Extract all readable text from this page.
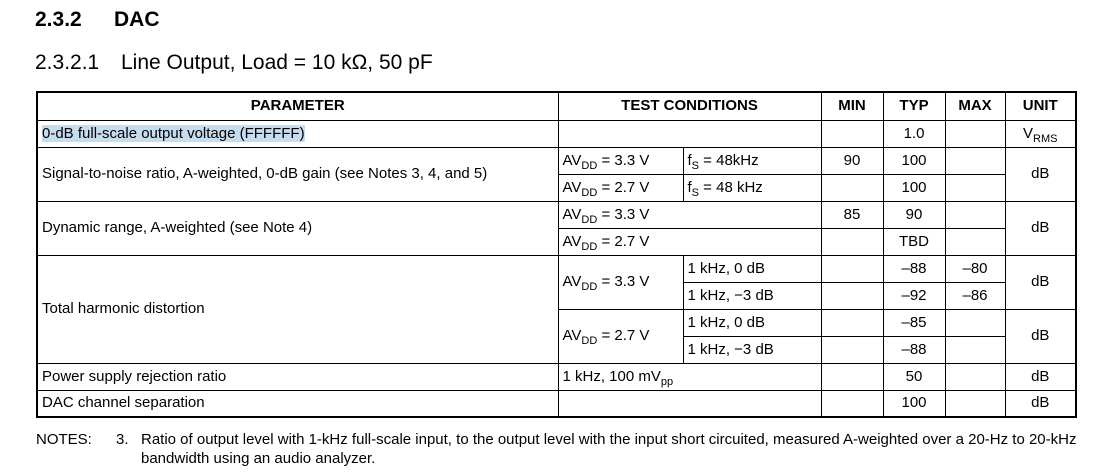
2.3.2 DAC
2.3.2.1 Line Output, Load = 10 kΩ, 50 pF
PARAMETER	TEST CONDITIONS		MIN	TYP	MAX	UNIT
0-dB full-scale output voltage (FFFFFF)				1.0		$V_{RMS}$
Signal-to-noise ratio, A-weighted, 0-dB gain (see Notes 3, 4, and 5)	$AV_{DD} = 3.3$ V	$f_S = 48kHz$	90	100		dB
	$AV_{DD} = 2.7$ V	$f_S = 48$ kHz		100		
Dynamic range, A-weighted (see Note 4)	$AV_{DD} = 3.3$ V		85	90		dB
	$AV_{DD} = 2.7$ V			TBD		
Total harmonic distortion	$AV_{DD} = 3.3$ V	1 kHz, 0 dB		–88	–80	dB
		1 kHz, −3 dB		–92	–86	
	$AV_{DD} = 2.7$ V	1 kHz, 0 dB		–85		dB
		1 kHz, −3 dB		–88		
Power supply rejection ratio	1 kHz, 100 $mV_{pp}$			50		dB
DAC channel separation				100		dB
NOTES: 3. Ratio of output level with 1-kHz full-scale input, to the output level with the input short circuited, measured A-weighted over a 20-Hz to 20-kHz bandwidth using an audio analyzer.
